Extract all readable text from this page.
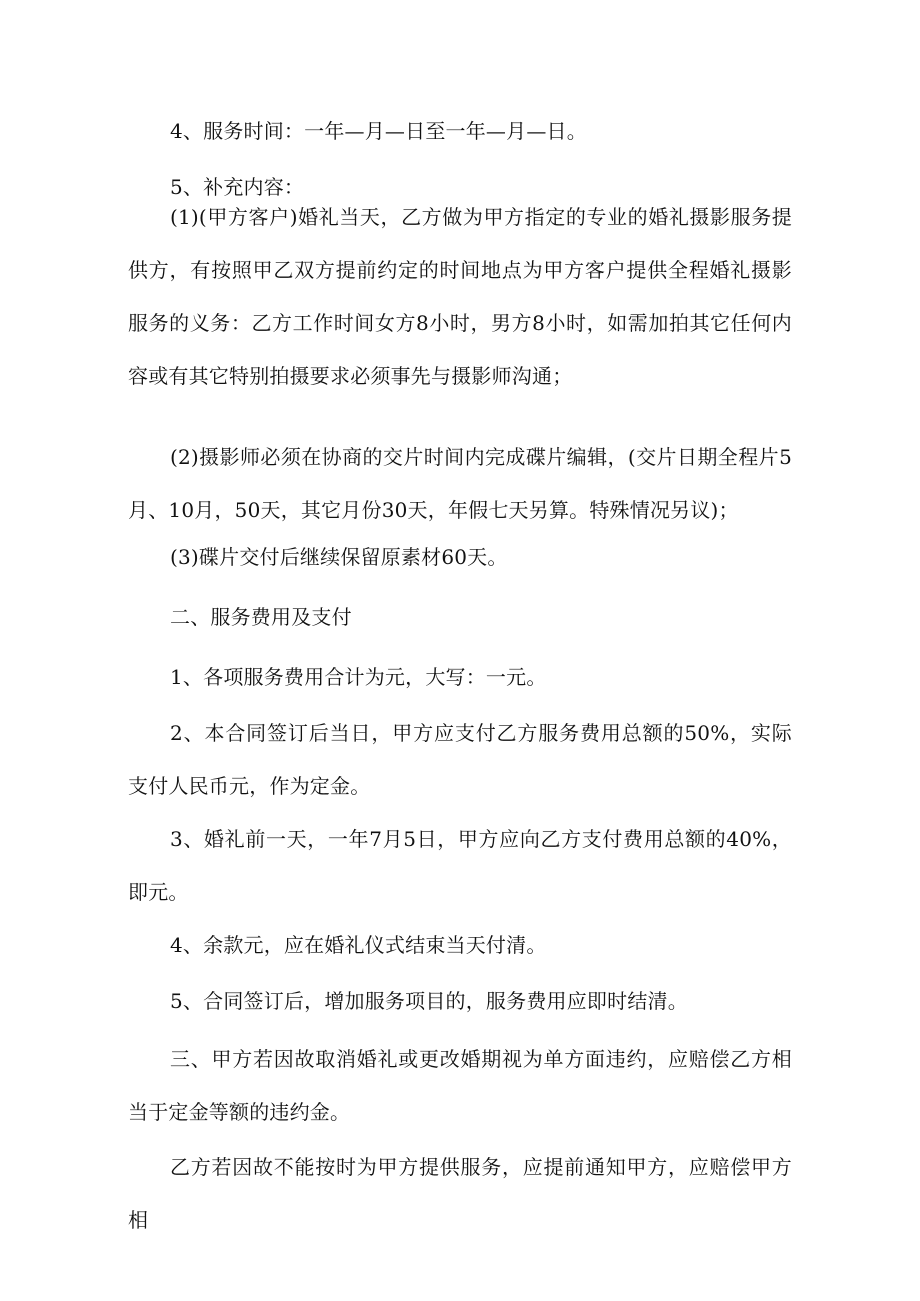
4、服务时间：一年—月—日至一年—月—日。

5、补充内容：

(1)(甲方客户)婚礼当天，乙方做为甲方指定的专业的婚礼摄影服务提供方，有按照甲乙双方提前约定的时间地点为甲方客户提供全程婚礼摄影服务的义务：乙方工作时间女方8小时，男方8小时，如需加拍其它任何内容或有其它特别拍摄要求必须事先与摄影师沟通；

(2)摄影师必须在协商的交片时间内完成碟片编辑，(交片日期全程片5月、10月，50天，其它月份30天，年假七天另算。特殊情况另议)；

(3)碟片交付后继续保留原素材60天。

二、服务费用及支付

1、各项服务费用合计为元，大写：一元。

2、本合同签订后当日，甲方应支付乙方服务费用总额的50%，实际支付人民币元，作为定金。

3、婚礼前一天，一年7月5日，甲方应向乙方支付费用总额的40%，即元。

4、余款元，应在婚礼仪式结束当天付清。

5、合同签订后，增加服务项目的，服务费用应即时结清。

三、甲方若因故取消婚礼或更改婚期视为单方面违约，应赔偿乙方相当于定金等额的违约金。

乙方若因故不能按时为甲方提供服务，应提前通知甲方，应赔偿甲方相
